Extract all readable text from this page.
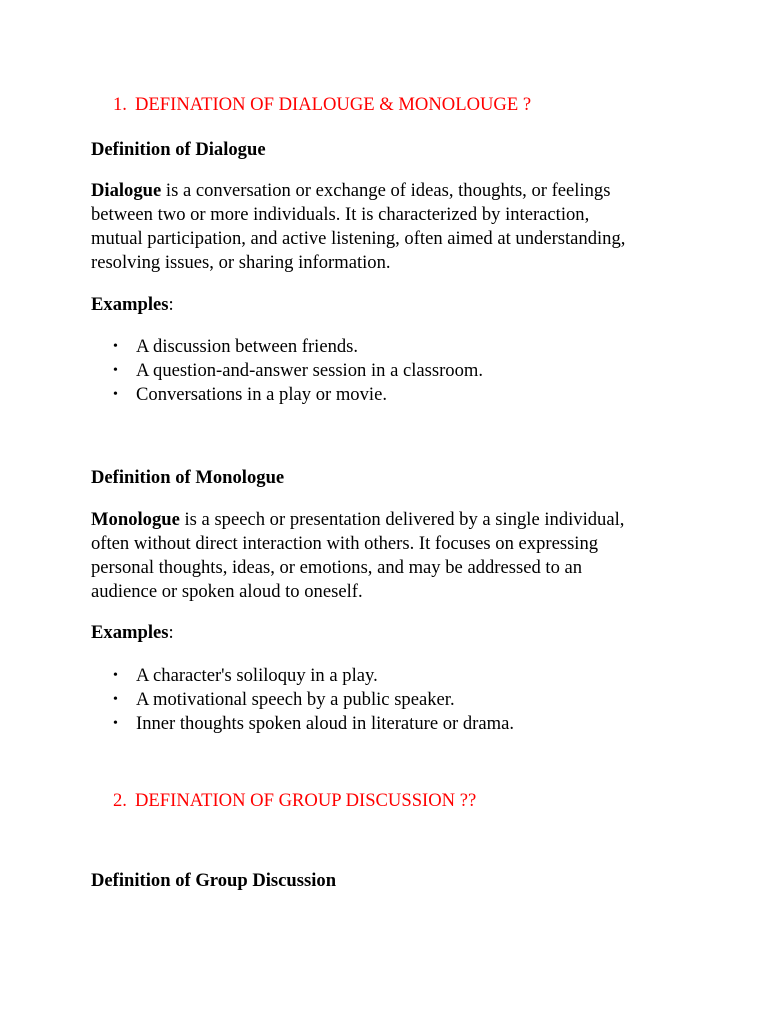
1. DEFINATION OF DIALOUGE & MONOLOUGE ?
Definition of Dialogue
Dialogue is a conversation or exchange of ideas, thoughts, or feelings
between two or more individuals. It is characterized by interaction,
mutual participation, and active listening, often aimed at understanding,
resolving issues, or sharing information.
Examples:
• A discussion between friends.
• A question-and-answer session in a classroom.
• Conversations in a play or movie.
Definition of Monologue
Monologue is a speech or presentation delivered by a single individual,
often without direct interaction with others. It focuses on expressing
personal thoughts, ideas, or emotions, and may be addressed to an
audience or spoken aloud to oneself.
Examples:
• A character's soliloquy in a play.
• A motivational speech by a public speaker.
• Inner thoughts spoken aloud in literature or drama.
2. DEFINATION OF GROUP DISCUSSION ??
Definition of Group Discussion
